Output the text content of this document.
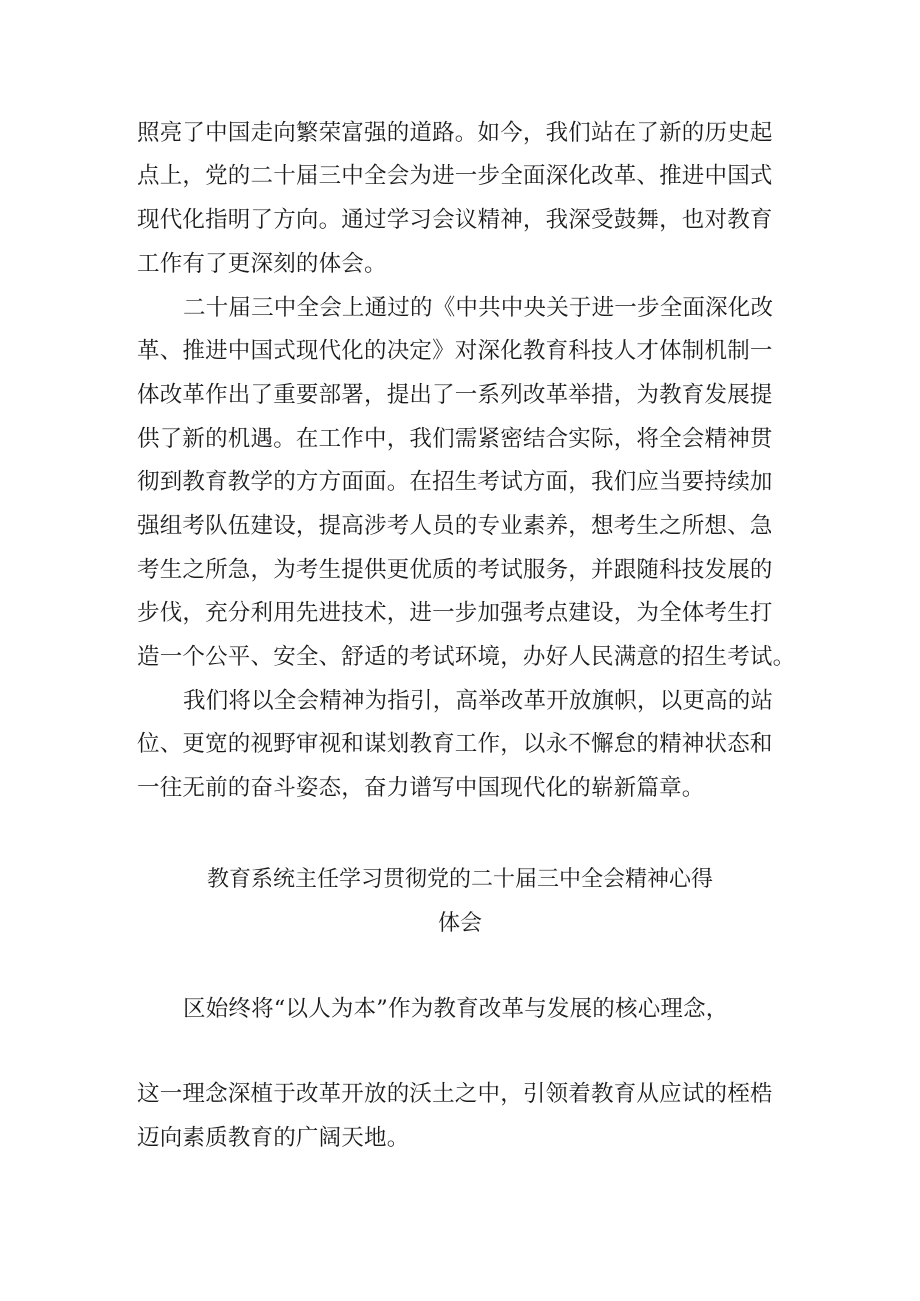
照亮了中国走向繁荣富强的道路。如今，我们站在了新的历史起
点上，党的二十届三中全会为进一步全面深化改革、推进中国式
现代化指明了方向。通过学习会议精神，我深受鼓舞，也对教育
工作有了更深刻的体会。
二十届三中全会上通过的《中共中央关于进一步全面深化改
革、推进中国式现代化的决定》对深化教育科技人才体制机制一
体改革作出了重要部署，提出了一系列改革举措，为教育发展提
供了新的机遇。在工作中，我们需紧密结合实际，将全会精神贯
彻到教育教学的方方面面。在招生考试方面，我们应当要持续加
强组考队伍建设，提高涉考人员的专业素养，想考生之所想、急
考生之所急，为考生提供更优质的考试服务，并跟随科技发展的
步伐，充分利用先进技术，进一步加强考点建设，为全体考生打
造一个公平、安全、舒适的考试环境，办好人民满意的招生考试。
我们将以全会精神为指引，高举改革开放旗帜，以更高的站
位、更宽的视野审视和谋划教育工作，以永不懈怠的精神状态和
一往无前的奋斗姿态，奋力谱写中国现代化的崭新篇章。
教育系统主任学习贯彻党的二十届三中全会精神心得
体会
区始终将“以人为本”作为教育改革与发展的核心理念，
这一理念深植于改革开放的沃土之中，引领着教育从应试的桎梏
迈向素质教育的广阔天地。
